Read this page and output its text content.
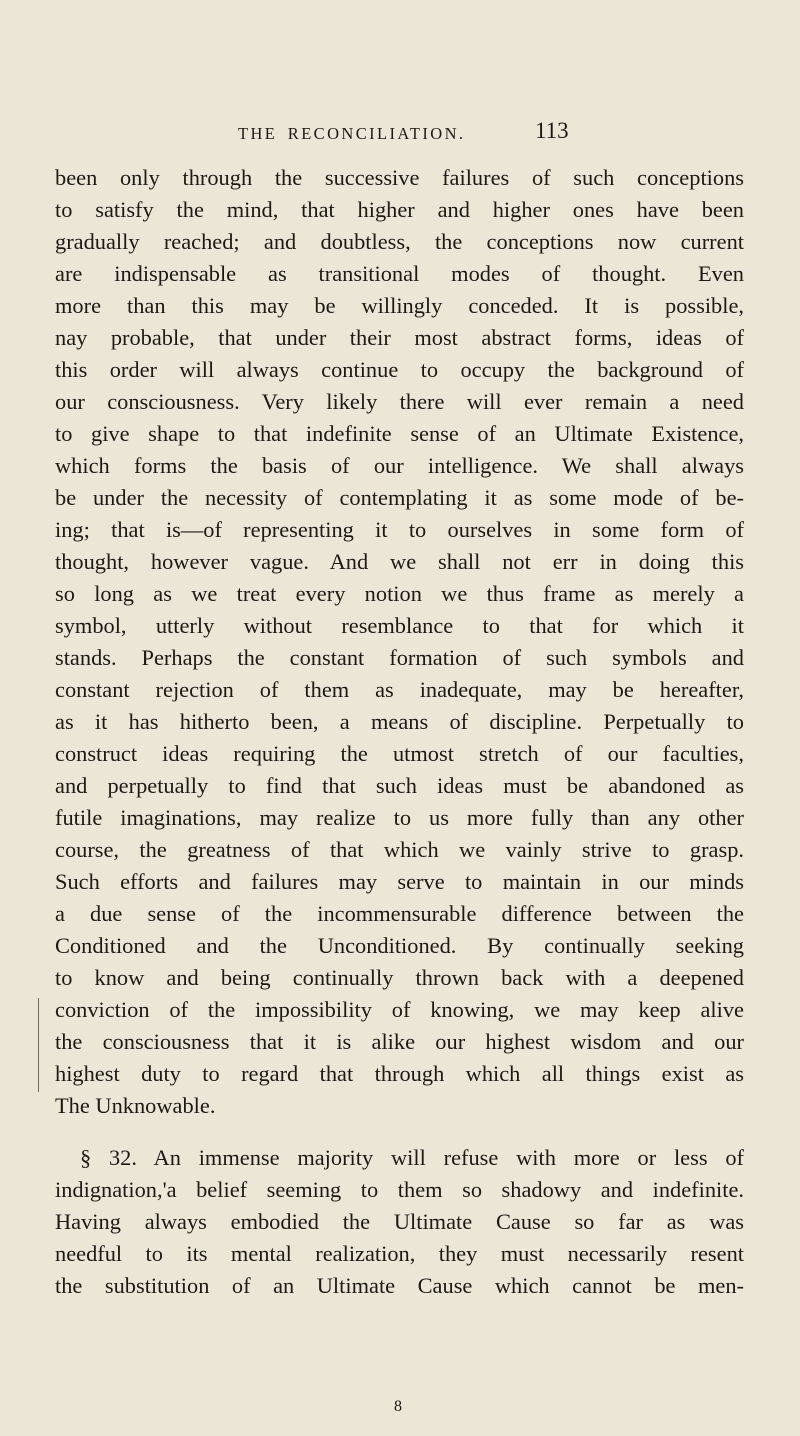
THE RECONCILIATION.	113
been only through the successive failures of such conceptions
to satisfy the mind, that higher and higher ones have been
gradually reached; and doubtless, the conceptions now current
are indispensable as transitional modes of thought. Even
more than this may be willingly conceded. It is possible,
nay probable, that under their most abstract forms, ideas of
this order will always continue to occupy the background of
our consciousness. Very likely there will ever remain a need
to give shape to that indefinite sense of an Ultimate Existence,
which forms the basis of our intelligence. We shall always
be under the necessity of contemplating it as some mode of be-
ing; that is—of representing it to ourselves in some form of
thought, however vague. And we shall not err in doing this
so long as we treat every notion we thus frame as merely a
symbol, utterly without resemblance to that for which it
stands. Perhaps the constant formation of such symbols and
constant rejection of them as inadequate, may be hereafter,
as it has hitherto been, a means of discipline. Perpetually to
construct ideas requiring the utmost stretch of our faculties,
and perpetually to find that such ideas must be abandoned as
futile imaginations, may realize to us more fully than any other
course, the greatness of that which we vainly strive to grasp.
Such efforts and failures may serve to maintain in our minds
a due sense of the incommensurable difference between the
Conditioned and the Unconditioned. By continually seeking
to know and being continually thrown back with a deepened
conviction of the impossibility of knowing, we may keep alive
the consciousness that it is alike our highest wisdom and our
highest duty to regard that through which all things exist as
The Unknowable.
§ 32. An immense majority will refuse with more or less of
indignation,'a belief seeming to them so shadowy and indefinite.
Having always embodied the Ultimate Cause so far as was
needful to its mental realization, they must necessarily resent
the substitution of an Ultimate Cause which cannot be men-
8
